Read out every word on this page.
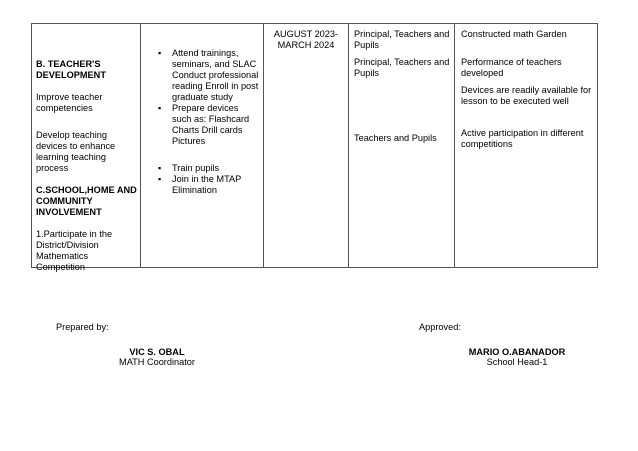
B. TEACHER'S DEVELOPMENT

Improve teacher competencies

Develop teaching devices to enhance learning teaching process

C.SCHOOL,HOME AND COMMUNITY INVOLVEMENT

1.Participate in the District/Division Mathematics Competition

▪ Attend trainings, seminars, and SLAC Conduct professional reading Enroll in post graduate study
▪ Prepare devices such as: Flashcard Charts Drill cards Pictures
▪ Train pupils
▪ Join in the MTAP Elimination

AUGUST 2023-MARCH 2024

Principal, Teachers and Pupils

Principal, Teachers and Pupils

Teachers and Pupils

Constructed math Garden

Performance of teachers developed

Devices are readily available for lesson to be executed well

Active participation in different competitions

Prepared by:
VIC S. OBAL
MATH Coordinator
Approved:
MARIO O.ABANADOR
School Head-1
